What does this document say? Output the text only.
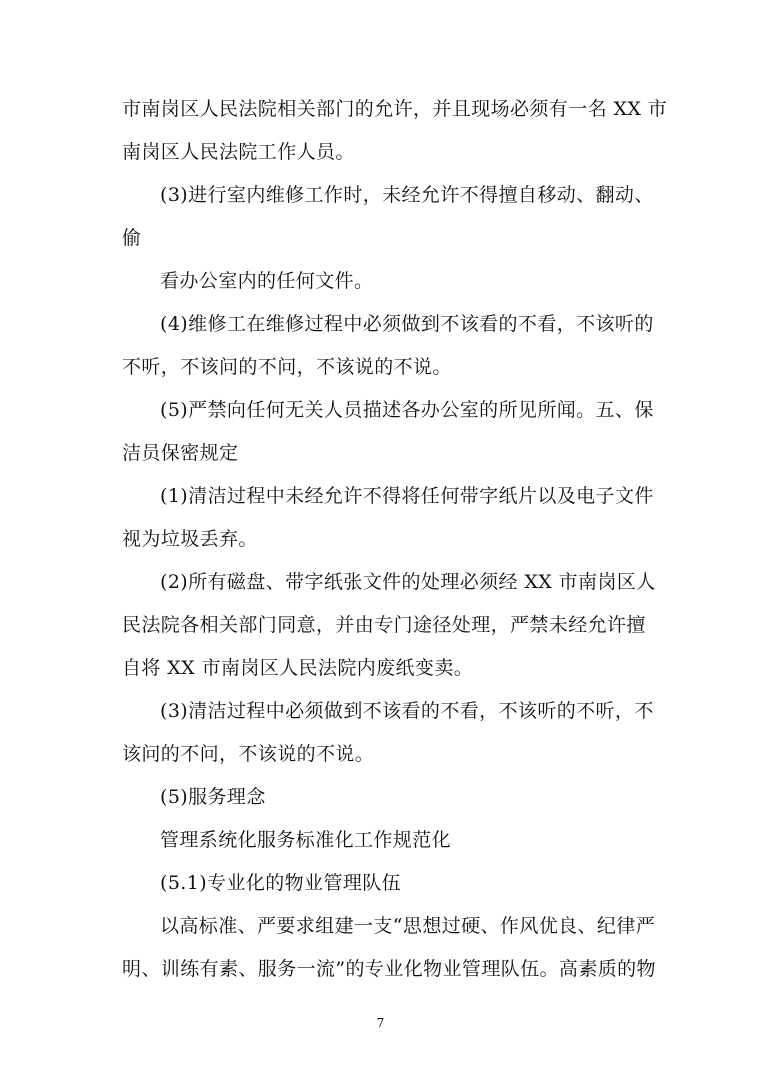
市南岗区人民法院相关部门的允许，并且现场必须有一名 XX 市
南岗区人民法院工作人员。
(3)进行室内维修工作时，未经允许不得擅自移动、翻动、
偷
看办公室内的任何文件。
(4)维修工在维修过程中必须做到不该看的不看，不该听的
不听，不该问的不问，不该说的不说。
(5)严禁向任何无关人员描述各办公室的所见所闻。五、保
洁员保密规定
(1)清洁过程中未经允许不得将任何带字纸片以及电子文件
视为垃圾丢弃。
(2)所有磁盘、带字纸张文件的处理必须经 XX 市南岗区人
民法院各相关部门同意，并由专门途径处理，严禁未经允许擅
自将 XX 市南岗区人民法院内废纸变卖。
(3)清洁过程中必须做到不该看的不看，不该听的不听，不
该问的不问，不该说的不说。
(5)服务理念
管理系统化服务标准化工作规范化
(5.1)专业化的物业管理队伍
以高标准、严要求组建一支“思想过硬、作风优良、纪律严
明、训练有素、服务一流”的专业化物业管理队伍。高素质的物
7
